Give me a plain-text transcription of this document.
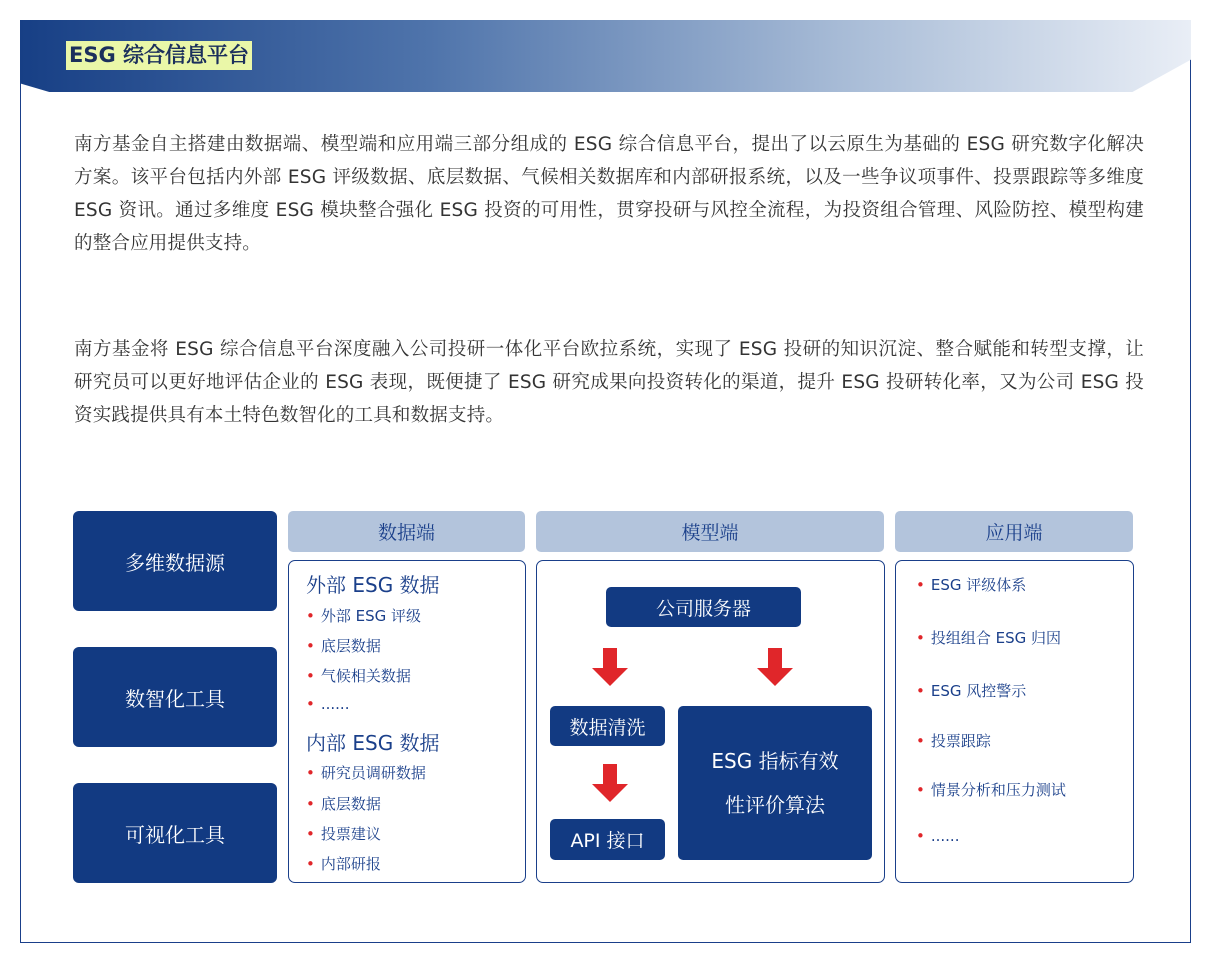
ESG 综合信息平台

南方基金自主搭建由数据端、模型端和应用端三部分组成的 ESG 综合信息平台，提出了以云原生为基础的 ESG 研究数字化解决方案。该平台包括内外部 ESG 评级数据、底层数据、气候相关数据库和内部研报系统，以及一些争议项事件、投票跟踪等多维度 ESG 资讯。通过多维度 ESG 模块整合强化 ESG 投资的可用性，贯穿投研与风控全流程，为投资组合管理、风险防控、模型构建的整合应用提供支持。

南方基金将 ESG 综合信息平台深度融入公司投研一体化平台欧拉系统，实现了 ESG 投研的知识沉淀、整合赋能和转型支撑，让研究员可以更好地评估企业的 ESG 表现，既便捷了 ESG 研究成果向投资转化的渠道，提升 ESG 投研转化率，又为公司 ESG 投资实践提供具有本土特色数智化的工具和数据支持。

多维数据源
数智化工具
可视化工具
数据端	模型端	应用端
外部 ESG 数据
• 外部 ESG 评级
• 底层数据
• 气候相关数据
• ......
内部 ESG 数据
• 研究员调研数据
• 底层数据
• 投票建议
• 内部研报
公司服务器
数据清洗
API 接口
ESG 指标有效
性评价算法
• ESG 评级体系
• 投组组合 ESG 归因
• ESG 风控警示
• 投票跟踪
• 情景分析和压力测试
• ......
